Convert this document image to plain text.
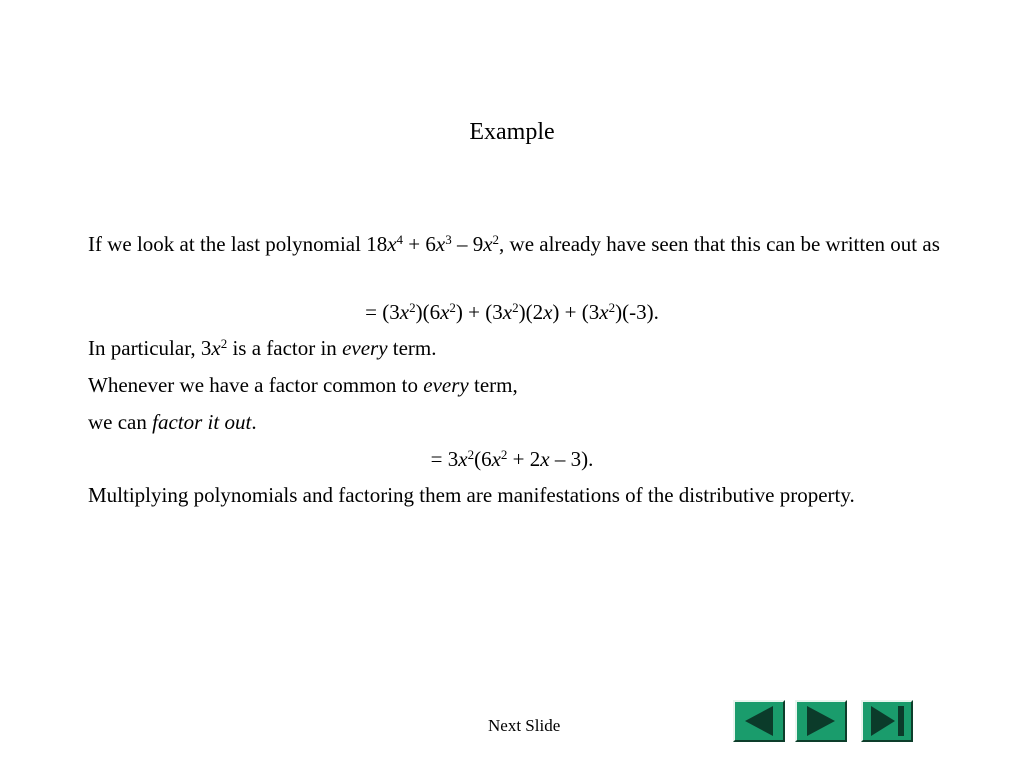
Example
If we look at the last polynomial $18x^4 + 6x^3 - 9x^2$, we already have seen that this can be written out as
= $(3x^2)(6x^2) + (3x^2)(2x) + (3x^2)(-3)$.
In particular, $3x^2$ is a factor in every term.
Whenever we have a factor common to every term,
we can factor it out.
= $3x^2(6x^2 + 2x - 3)$.
Multiplying polynomials and factoring them are manifestations of the distributive property.
Next Slide
